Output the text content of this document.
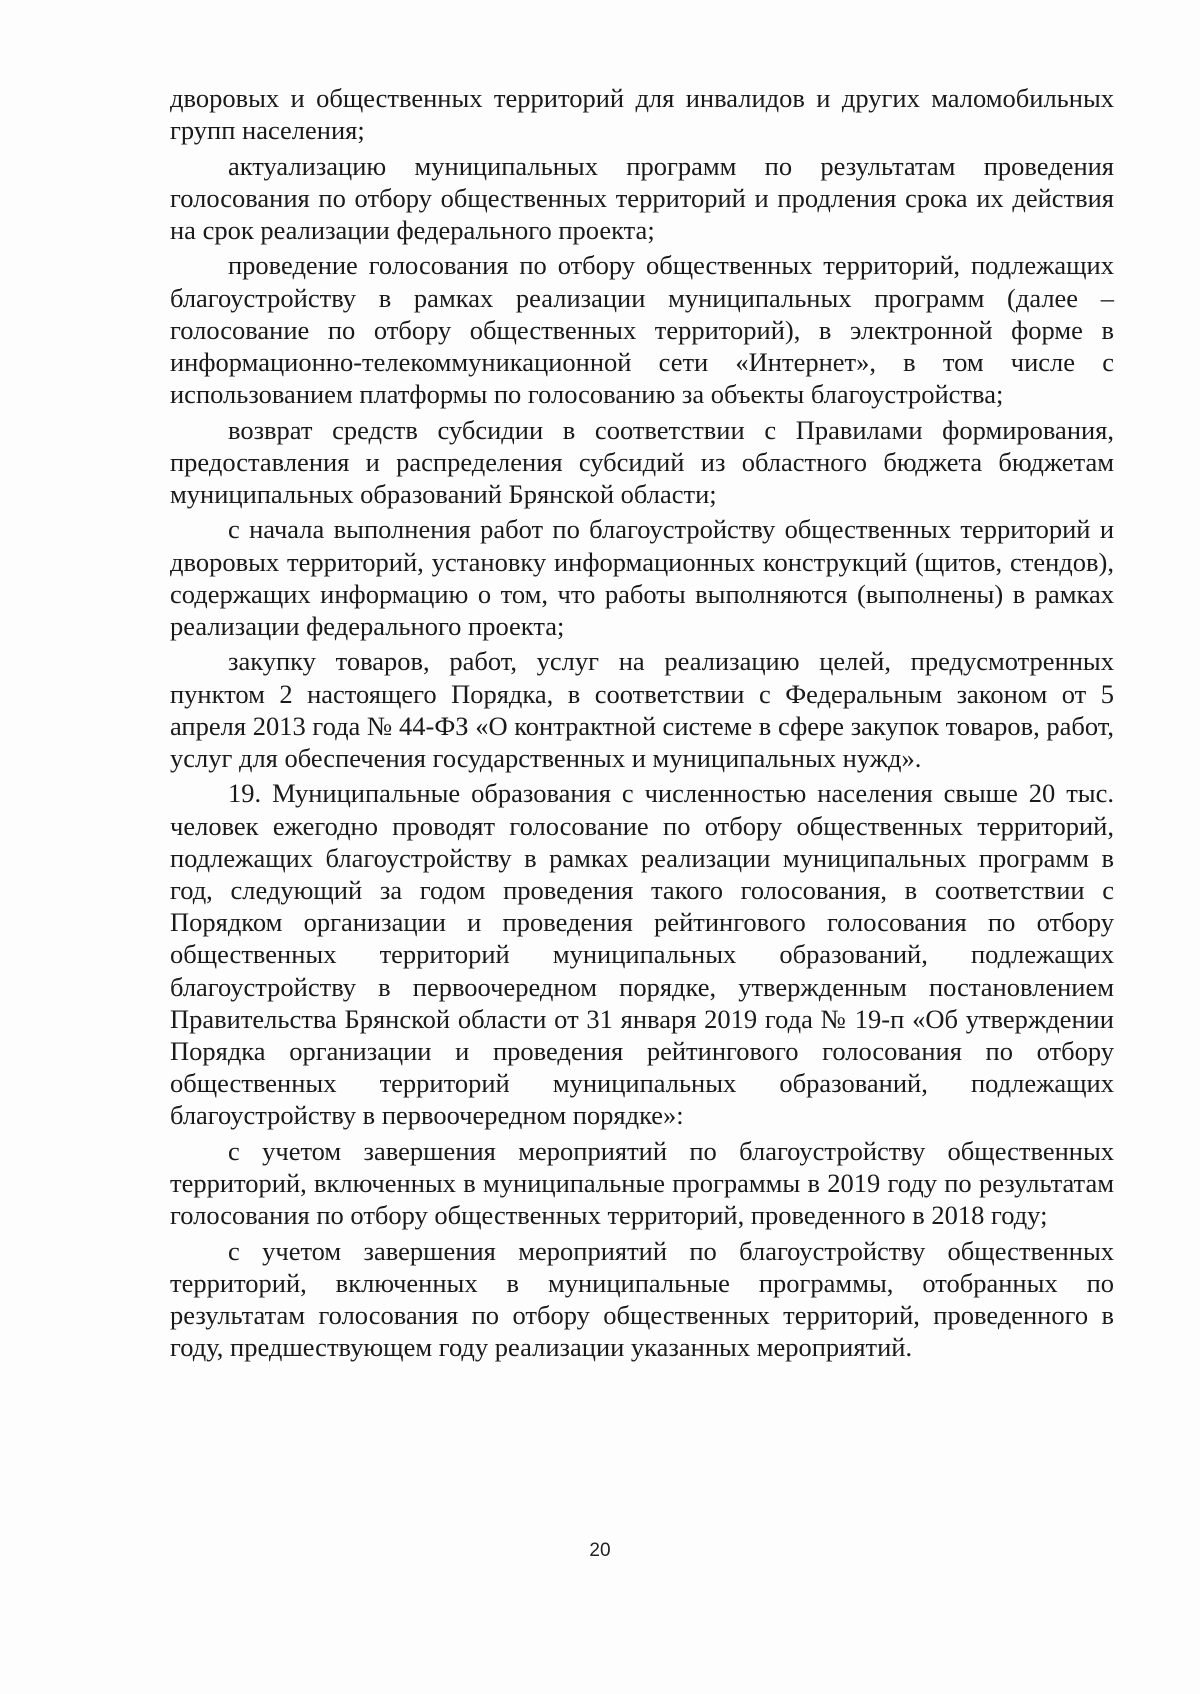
дворовых и общественных территорий для инвалидов и других маломобильных групп населения;

актуализацию муниципальных программ по результатам проведения голосования по отбору общественных территорий и продления срока их действия на срок реализации федерального проекта;

проведение голосования по отбору общественных территорий, подлежащих благоустройству в рамках реализации муниципальных программ (далее – голосование по отбору общественных территорий), в электронной форме в информационно-телекоммуникационной сети «Интернет», в том числе с использованием платформы по голосованию за объекты благоустройства;

возврат средств субсидии в соответствии с Правилами формирования, предоставления и распределения субсидий из областного бюджета бюджетам муниципальных образований Брянской области;

с начала выполнения работ по благоустройству общественных территорий и дворовых территорий, установку информационных конструкций (щитов, стендов), содержащих информацию о том, что работы выполняются (выполнены) в рамках реализации федерального проекта;

закупку товаров, работ, услуг на реализацию целей, предусмотренных пунктом 2 настоящего Порядка, в соответствии с Федеральным законом от 5 апреля 2013 года № 44-ФЗ «О контрактной системе в сфере закупок товаров, работ, услуг для обеспечения государственных и муниципальных нужд».

19. Муниципальные образования с численностью населения свыше 20 тыс. человек ежегодно проводят голосование по отбору общественных территорий, подлежащих благоустройству в рамках реализации муниципальных программ в год, следующий за годом проведения такого голосования, в соответствии с Порядком организации и проведения рейтингового голосования по отбору общественных территорий муниципальных образований, подлежащих благоустройству в первоочередном порядке, утвержденным постановлением Правительства Брянской области от 31 января 2019 года № 19-п «Об утверждении Порядка организации и проведения рейтингового голосования по отбору общественных территорий муниципальных образований, подлежащих благоустройству в первоочередном порядке»:

с учетом завершения мероприятий по благоустройству общественных территорий, включенных в муниципальные программы в 2019 году по результатам голосования по отбору общественных территорий, проведенного в 2018 году;

с учетом завершения мероприятий по благоустройству общественных территорий, включенных в муниципальные программы, отобранных по результатам голосования по отбору общественных территорий, проведенного в году, предшествующем году реализации указанных мероприятий.

20
